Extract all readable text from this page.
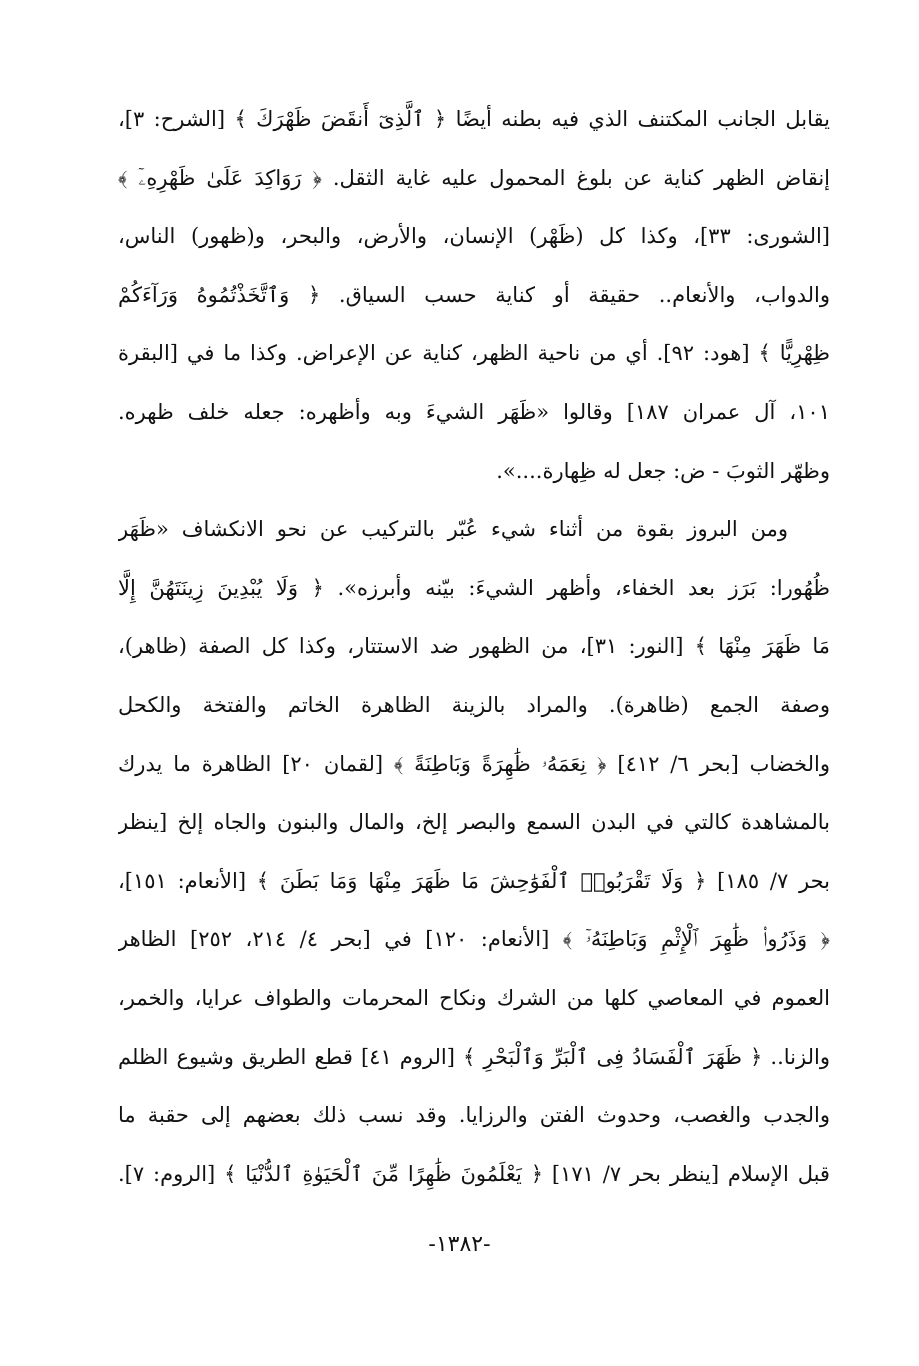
يقابل الجانب المكتنف الذي فيه بطنه أيضًا ﴿ ٱلَّذِىٓ أَنقَضَ ظَهْرَكَ ﴾ [الشرح: ٣]،
إنقاض الظهر كناية عن بلوغ المحمول عليه غاية الثقل. ﴿ رَوَاكِدَ عَلَىٰ ظَهْرِهِۦٓ ﴾
[الشورى: ٣٣]، وكذا كل (ظَهْر) الإنسان، والأرض، والبحر، و(ظهور) الناس،
والدواب، والأنعام.. حقيقة أو كناية حسب السياق. ﴿ وَٱتَّخَذْتُمُوهُ وَرَآءَكُمْ
ظِهْرِيًّا ﴾ [هود: ٩٢]. أي من ناحية الظهر، كناية عن الإعراض. وكذا ما في [البقرة
١٠١، آل عمران ١٨٧] وقالوا «ظَهَر الشيءَ وبه وأظهره: جعله خلف ظهره.
وظهّر الثوبَ - ض: جعل له ظِهارة....».
ومن البروز بقوة من أثناء شيء عُبّر بالتركيب عن نحو الانكشاف «ظَهَر
ظُهُورا: بَرَز بعد الخفاء، وأظهر الشيءَ: بيّنه وأبرزه». ﴿ وَلَا يُبْدِينَ زِينَتَهُنَّ إِلَّا
مَا ظَهَرَ مِنْهَا ﴾ [النور: ٣١]، من الظهور ضد الاستتار، وكذا كل الصفة (ظاهر)،
وصفة الجمع (ظاهرة). والمراد بالزينة الظاهرة الخاتم والفتخة والكحل
والخضاب [بحر ٦/ ٤١٢] ﴿ نِعَمَهُۥ ظَٰهِرَةً وَبَاطِنَةً ﴾ [لقمان ٢٠] الظاهرة ما يدرك
بالمشاهدة كالتي في البدن السمع والبصر إلخ، والمال والبنون والجاه إلخ [ينظر
بحر ٧/ ١٨٥] ﴿ وَلَا تَقْرَبُوا۟ ٱلْفَوَٰحِشَ مَا ظَهَرَ مِنْهَا وَمَا بَطَنَ ﴾ [الأنعام: ١٥١]،
﴿ وَذَرُوا۟ ظَٰهِرَ ٱلْإِثْمِ وَبَاطِنَهُۥٓ ﴾ [الأنعام: ١٢٠] في [بحر ٤/ ٢١٤، ٢٥٢] الظاهر
العموم في المعاصي كلها من الشرك ونكاح المحرمات والطواف عرايا، والخمر،
والزنا.. ﴿ ظَهَرَ ٱلْفَسَادُ فِى ٱلْبَرِّ وَٱلْبَحْرِ ﴾ [الروم ٤١] قطع الطريق وشيوع الظلم
والجدب والغصب، وحدوث الفتن والرزايا. وقد نسب ذلك بعضهم إلى حقبة ما
قبل الإسلام [ينظر بحر ٧/ ١٧١] ﴿ يَعْلَمُونَ ظَٰهِرًا مِّنَ ٱلْحَيَوٰةِ ٱلدُّنْيَا ﴾ [الروم: ٧].
-١٣٨٢-
